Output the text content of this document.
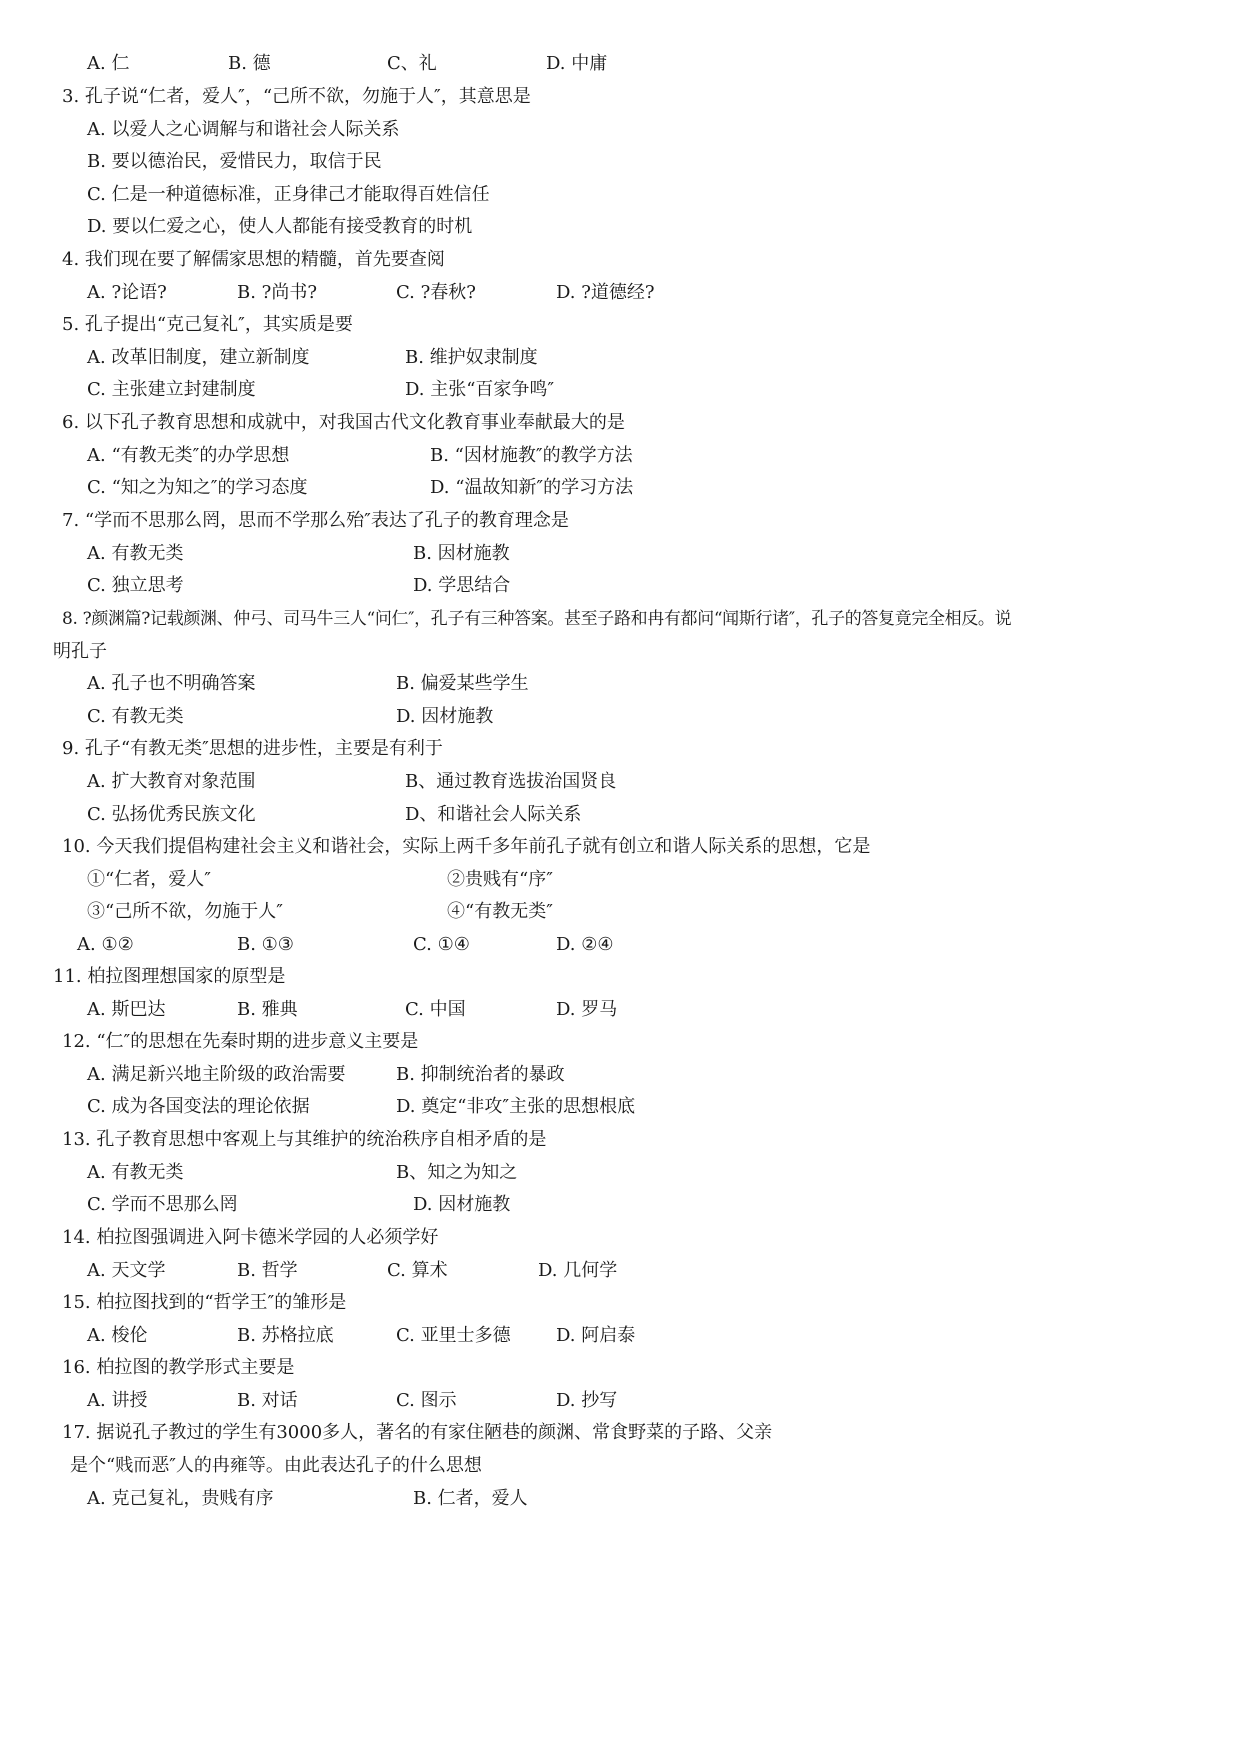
A. 仁	B. 德	C、礼	D. 中庸
3. 孔子说“仁者，爱人″，“己所不欲，勿施于人″，其意思是
A. 以爱人之心调解与和谐社会人际关系
B. 要以德治民，爱惜民力，取信于民
C. 仁是一种道德标准，正身律己才能取得百姓信任
D. 要以仁爱之心，使人人都能有接受教育的时机
4. 我们现在要了解儒家思想的精髓，首先要查阅
A. ?论语?	B. ?尚书?	C. ?春秋?	D. ?道德经?
5. 孔子提出“克己复礼″，其实质是要
A. 改革旧制度，建立新制度	B. 维护奴隶制度
C. 主张建立封建制度	D. 主张“百家争鸣″
6. 以下孔子教育思想和成就中，对我国古代文化教育事业奉献最大的是
A. “有教无类″的办学思想	B. “因材施教″的教学方法
C. “知之为知之″的学习态度	D. “温故知新″的学习方法
7. “学而不思那么罔，思而不学那么殆″表达了孔子的教育理念是
A. 有教无类	B. 因材施教
C. 独立思考	D. 学思结合
8. ?颜渊篇?记载颜渊、仲弓、司马牛三人“问仁″，孔子有三种答案。甚至子路和冉有都问“闻斯行诸″，孔子的答复竟完全相反。说
明孔子
A. 孔子也不明确答案	B. 偏爱某些学生
C. 有教无类	D. 因材施教
9. 孔子“有教无类″思想的进步性，主要是有利于
A. 扩大教育对象范围	B、通过教育选拔治国贤良
C. 弘扬优秀民族文化	D、和谐社会人际关系
10. 今天我们提倡构建社会主义和谐社会，实际上两千多年前孔子就有创立和谐人际关系的思想，它是
①“仁者，爱人″	②贵贱有“序″
③“己所不欲，勿施于人″	④“有教无类″
A. ①②	B. ①③	C. ①④	D. ②④
11. 柏拉图理想国家的原型是
A. 斯巴达	B. 雅典	C. 中国	D. 罗马
12. “仁″的思想在先秦时期的进步意义主要是
A. 满足新兴地主阶级的政治需要	B. 抑制统治者的暴政
C. 成为各国变法的理论依据	D. 奠定“非攻″主张的思想根底
13. 孔子教育思想中客观上与其维护的统治秩序自相矛盾的是
A. 有教无类	B、知之为知之
C. 学而不思那么罔	D. 因材施教
14. 柏拉图强调进入阿卡德米学园的人必须学好
A. 天文学	B. 哲学	C. 算术	D. 几何学
15. 柏拉图找到的“哲学王″的雏形是
A. 梭伦	B. 苏格拉底	C. 亚里士多德	D. 阿启泰
16. 柏拉图的教学形式主要是
A. 讲授	B. 对话	C. 图示	D. 抄写
17. 据说孔子教过的学生有3000多人，著名的有家住陋巷的颜渊、常食野菜的子路、父亲
是个“贱而恶″人的冉雍等。由此表达孔子的什么思想
A. 克己复礼，贵贱有序	B. 仁者，爱人
